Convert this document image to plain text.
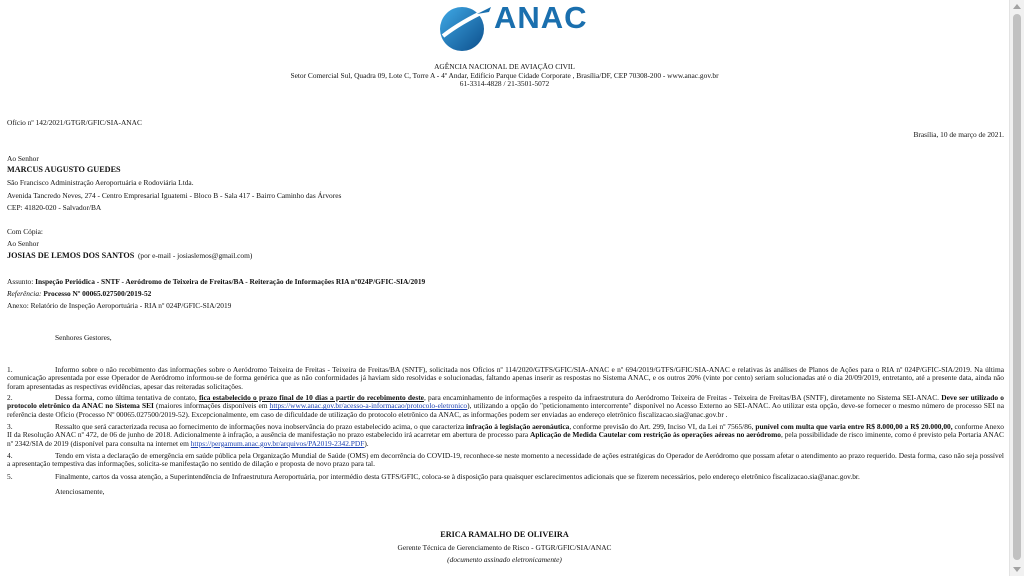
ANAC
AGÊNCIA NACIONAL DE AVIAÇÃO CIVIL
Setor Comercial Sul, Quadra 09, Lote C, Torre A - 4º Andar, Edifício Parque Cidade Corporate , Brasília/DF, CEP 70308-200 - www.anac.gov.br
61-3314-4828 / 21-3501-5072
Ofício nº 142/2021/GTGR/GFIC/SIA-ANAC
Brasília, 10 de março de 2021.
Ao Senhor
MARCUS AUGUSTO GUEDES
São Francisco Administração Aeroportuária e Rodoviária Ltda.
Avenida Tancredo Neves, 274 - Centro Empresarial Iguatemi - Bloco B - Sala 417 - Bairro Caminho das Árvores
CEP: 41820-020 - Salvador/BA
Com Cópia:
Ao Senhor
JOSIAS DE LEMOS DOS SANTOS (por e-mail - josiaslemos@gmail.com)
Assunto: Inspeção Periódica - SNTF - Aeródromo de Teixeira de Freitas/BA - Reiteração de Informações RIA nº024P/GFIC-SIA/2019
Referência: Processo Nº 00065.027500/2019-52
Anexo: Relatório de Inspeção Aeroportuária - RIA nº 024P/GFIC-SIA/2019
Senhores Gestores,
1.	Informo sobre o não recebimento das informações sobre o Aeródromo Teixeira de Freitas - Teixeira de Freitas/BA (SNTF), solicitada nos Ofícios nº 114/2020/GTFS/GFIC/SIA-ANAC e nº 694/2019/GTFS/GFIC/SIA-ANAC e relativas às análises de Planos de Ações para o RIA nº 024P/GFIC-SIA/2019. Na última comunicação apresentada por esse Operador de Aeródromo informou-se de forma genérica que as não conformidades já haviam sido resolvidas e solucionadas, faltando apenas inserir as respostas no Sistema ANAC, e os outros 20% (vinte por cento) seriam solucionadas até o dia 20/09/2019, entretanto, até a presente data, ainda não foram apresentadas as respectivas evidências, apesar das reiteradas solicitações.
2.	Dessa forma, como última tentativa de contato, fica estabelecido o prazo final de 10 dias a partir do recebimento deste, para encaminhamento de informações a respeito da infraestrutura do Aeródromo Teixeira de Freitas - Teixeira de Freitas/BA (SNTF), diretamente no Sistema SEI-ANAC. Deve ser utilizado o protocolo eletrônico da ANAC no Sistema SEI (maiores informações disponíveis em https://www.anac.gov.br/acesso-a-informacao/protocolo-eletronico), utilizando a opção do "peticionamento intercorrente" disponível no Acesso Externo ao SEI-ANAC. Ao utilizar esta opção, deve-se fornecer o mesmo número de processo SEI na referência deste Ofício (Processo Nº 00065.027500/2019-52). Excepcionalmente, em caso de dificuldade de utilização do protocolo eletrônico da ANAC, as informações podem ser enviadas ao endereço eletrônico fiscalizacao.sia@anac.gov.br .
3.	Ressalto que será caracterizada recusa ao fornecimento de informações nova inobservância do prazo estabelecido acima, o que caracteriza infração à legislação aeronáutica, conforme previsão do Art. 299, Inciso VI, da Lei nº 7565/86, punível com multa que varia entre R$ 8.000,00 a R$ 20.000,00, conforme Anexo II da Resolução ANAC nº 472, de 06 de junho de 2018. Adicionalmente à infração, a ausência de manifestação no prazo estabelecido irá acarretar em abertura de processo para Aplicação de Medida Cautelar com restrição às operações aéreas no aeródromo, pela possibilidade de risco iminente, como é previsto pela Portaria ANAC nº 2342/SIA de 2019 (disponível para consulta na internet em https://pergamum.anac.gov.br/arquivos/PA2019-2342.PDF).
4.	Tendo em vista a declaração de emergência em saúde pública pela Organização Mundial de Saúde (OMS) em decorrência do COVID-19, reconhece-se neste momento a necessidade de ações estratégicas do Operador de Aeródromo que possam afetar o atendimento ao prazo requerido. Desta forma, caso não seja possível a apresentação tempestiva das informações, solicita-se manifestação no sentido de dilação e proposta de novo prazo para tal.
5.	Finalmente, cartos da vossa atenção, a Superintendência de Infraestrutura Aeroportuária, por intermédio desta GTFS/GFIC, coloca-se à disposição para quaisquer esclarecimentos adicionais que se fizerem necessários, pelo endereço eletrônico fiscalizacao.sia@anac.gov.br.
Atenciosamente,
ERICA RAMALHO DE OLIVEIRA
Gerente Técnica de Gerenciamento de Risco - GTGR/GFIC/SIA/ANAC
(documento assinado eletronicamente)
